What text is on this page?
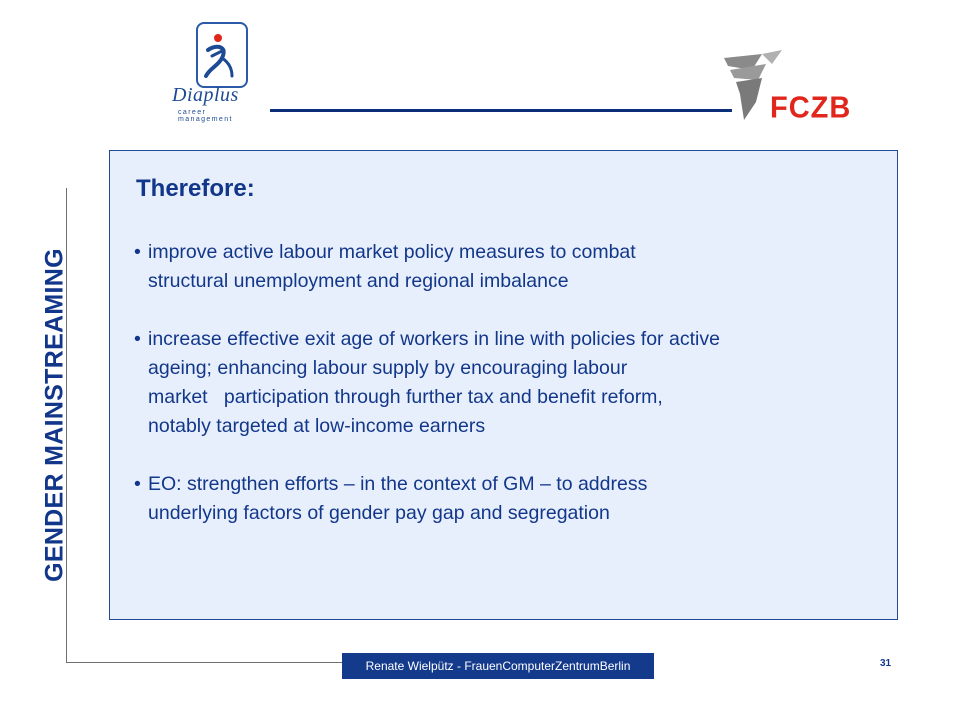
Diaplus
career management	FCZB
GENDER MAINSTREAMING
Therefore:
• improve active labour market policy measures to combat
structural unemployment and regional imbalance
• increase effective exit age of workers in line with policies for active
ageing; enhancing labour supply by encouraging labour
market   participation through further tax and benefit reform,
notably targeted at low-income earners
• EO: strengthen efforts – in the context of GM – to address
underlying factors of gender pay gap and segregation
Renate Wielpütz - FrauenComputerZentrumBerlin	31
